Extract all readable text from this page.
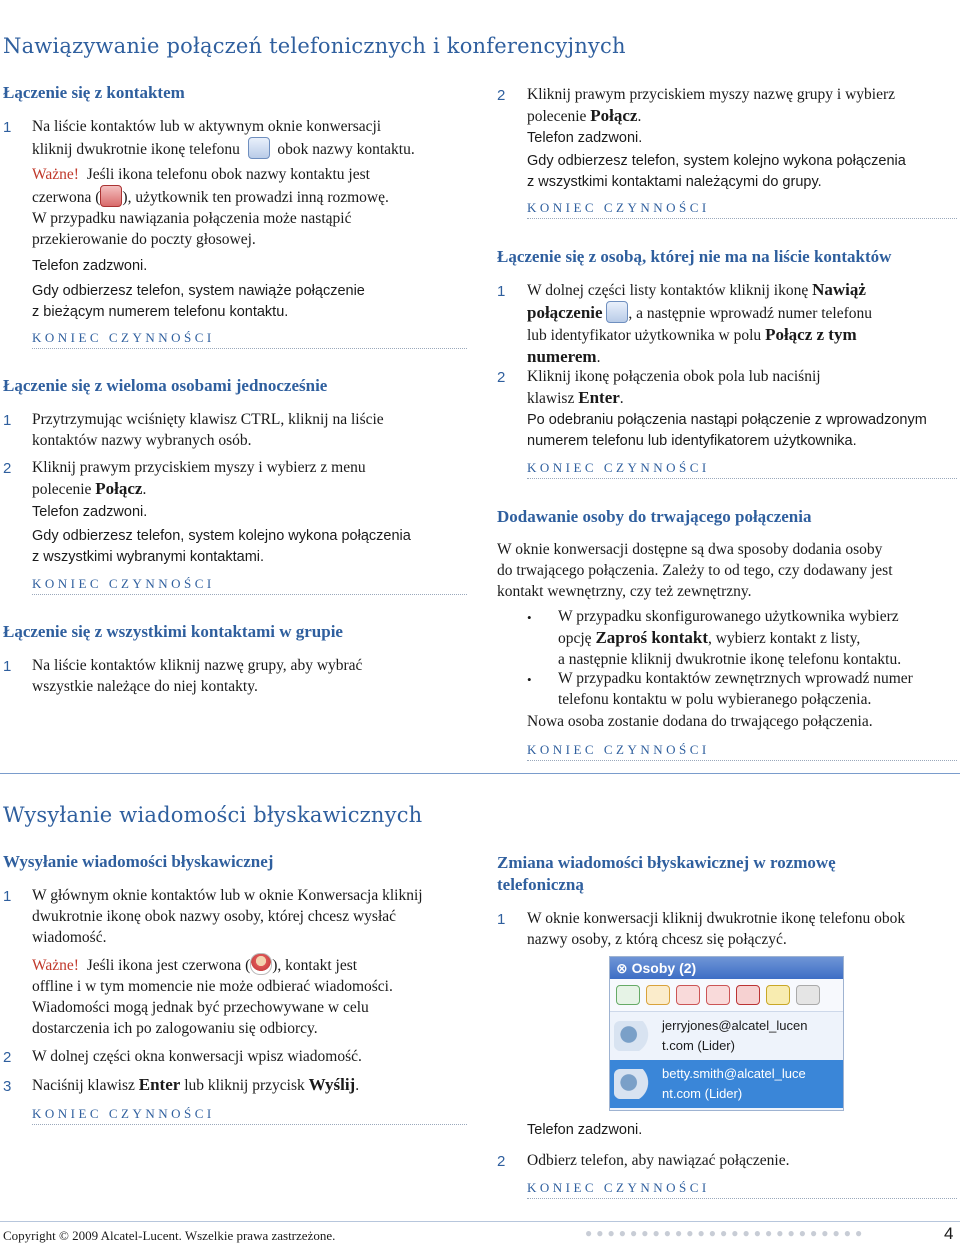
Nawiązywanie połączeń telefonicznych i konferencyjnych
Łączenie się z kontaktem
1 Na liście kontaktów lub w aktywnym oknie konwersacji
kliknij dwukrotnie ikonę telefonu obok nazwy kontaktu.
Ważne! Jeśli ikona telefonu obok nazwy kontaktu jest
czerwona ( ), użytkownik ten prowadzi inną rozmowę.
W przypadku nawiązania połączenia może nastąpić
przekierowanie do poczty głosowej.
Telefon zadzwoni.
Gdy odbierzesz telefon, system nawiąże połączenie
z bieżącym numerem telefonu kontaktu.
KONIEC CZYNNOŚCI
Łączenie się z wieloma osobami jednocześnie
1 Przytrzymując wciśnięty klawisz CTRL, kliknij na liście
kontaktów nazwy wybranych osób.
2 Kliknij prawym przyciskiem myszy i wybierz z menu
polecenie Połącz.
Telefon zadzwoni.
Gdy odbierzesz telefon, system kolejno wykona połączenia
z wszystkimi wybranymi kontaktami.
KONIEC CZYNNOŚCI
Łączenie się z wszystkimi kontaktami w grupie
1 Na liście kontaktów kliknij nazwę grupy, aby wybrać
wszystkie należące do niej kontakty.
2 Kliknij prawym przyciskiem myszy nazwę grupy i wybierz
polecenie Połącz.
Telefon zadzwoni.
Gdy odbierzesz telefon, system kolejno wykona połączenia
z wszystkimi kontaktami należącymi do grupy.
KONIEC CZYNNOŚCI
Łączenie się z osobą, której nie ma na liście kontaktów
1 W dolnej części listy kontaktów kliknij ikonę Nawiąż
połączenie , a następnie wprowadź numer telefonu
lub identyfikator użytkownika w polu Połącz z tym
numerem.
2 Kliknij ikonę połączenia obok pola lub naciśnij
klawisz Enter.
Po odebraniu połączenia nastąpi połączenie z wprowadzonym
numerem telefonu lub identyfikatorem użytkownika.
KONIEC CZYNNOŚCI
Dodawanie osoby do trwającego połączenia
W oknie konwersacji dostępne są dwa sposoby dodania osoby
do trwającego połączenia. Zależy to od tego, czy dodawany jest
kontakt wewnętrzny, czy też zewnętrzny.
• W przypadku skonfigurowanego użytkownika wybierz
opcję Zaproś kontakt, wybierz kontakt z listy,
a następnie kliknij dwukrotnie ikonę telefonu kontaktu.
• W przypadku kontaktów zewnętrznych wprowadź numer
telefonu kontaktu w polu wybieranego połączenia.
Nowa osoba zostanie dodana do trwającego połączenia.
KONIEC CZYNNOŚCI
Wysyłanie wiadomości błyskawicznych
Wysyłanie wiadomości błyskawicznej
1 W głównym oknie kontaktów lub w oknie Konwersacja kliknij
dwukrotnie ikonę obok nazwy osoby, której chcesz wysłać
wiadomość.
Ważne! Jeśli ikona jest czerwona ( ), kontakt jest
offline i w tym momencie nie może odbierać wiadomości.
Wiadomości mogą jednak być przechowywane w celu
dostarczenia ich po zalogowaniu się odbiorcy.
2 W dolnej części okna konwersacji wpisz wiadomość.
3 Naciśnij klawisz Enter lub kliknij przycisk Wyślij.
KONIEC CZYNNOŚCI
Zmiana wiadomości błyskawicznej w rozmowę
telefoniczną
1 W oknie konwersacji kliknij dwukrotnie ikonę telefonu obok
nazwy osoby, z którą chcesz się połączyć.
⊗ Osoby (2)
jerryjones@alcatel_lucen
t.com (Lider)
betty.smith@alcatel_luce
nt.com (Lider)
Telefon zadzwoni.
2 Odbierz telefon, aby nawiązać połączenie.
KONIEC CZYNNOŚCI
Copyright © 2009 Alcatel-Lucent. Wszelkie prawa zastrzeżone.	●●●●●●●●●●●●●●●●●●●●●●●●●	4
